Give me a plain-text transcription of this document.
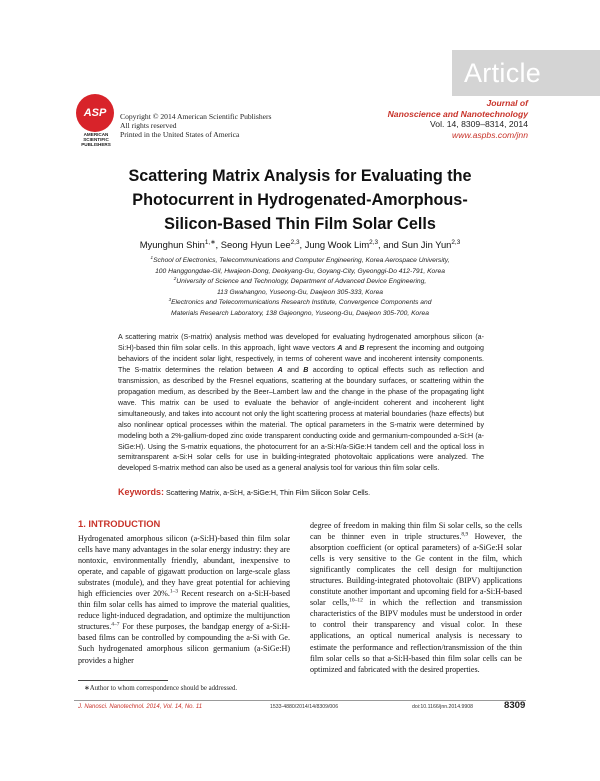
Article
ASP
AMERICAN
SCIENTIFIC
PUBLISHERS
Copyright © 2014 American Scientific Publishers
All rights reserved
Printed in the United States of America
Journal of
Nanoscience and Nanotechnology
Vol. 14, 8309–8314, 2014
www.aspbs.com/jnn
Scattering Matrix Analysis for Evaluating the
Photocurrent in Hydrogenated-Amorphous-
Silicon-Based Thin Film Solar Cells
Myunghun Shin$^{1,∗}$, Seong Hyun Lee$^{2,3}$, Jung Wook Lim$^{2,3}$, and Sun Jin Yun$^{2,3}$
$^1$School of Electronics, Telecommunications and Computer Engineering, Korea Aerospace University,
100 Hanggongdae-Gil, Hwajeon-Dong, Deokyang-Gu, Goyang-City, Gyeonggi-Do 412-791, Korea
$^2$University of Science and Technology, Department of Advanced Device Engineering,
113 Gwahangno, Yuseong-Gu, Daejeon 305-333, Korea
$^3$Electronics and Telecommunications Research Institute, Convergence Components and
Materials Research Laboratory, 138 Gajeongno, Yuseong-Gu, Daejeon 305-700, Korea
A scattering matrix (S-matrix) analysis method was developed for evaluating hydrogenated amorphous silicon (a-Si:H)-based thin film solar cells. In this approach, light wave vectors A and B represent the incoming and outgoing behaviors of the incident solar light, respectively, in terms of coherent wave and incoherent intensity components. The S-matrix determines the relation between A and B according to optical effects such as reflection and transmission, as described by the Fresnel equations, scattering at the boundary surfaces, or scattering within the propagation medium, as described by the Beer–Lambert law and the change in the phase of the propagating light wave. This matrix can be used to evaluate the behavior of angle-incident coherent and incoherent light simultaneously, and takes into account not only the light scattering process at material boundaries (haze effects) but also nonlinear optical processes within the material. The optical parameters in the S-matrix were determined by modeling both a 2%-gallium-doped zinc oxide transparent conducting oxide and germanium-compounded a-Si:H (a-SiGe:H). Using the S-matrix equations, the photocurrent for an a-Si:H/a-SiGe:H tandem cell and the optical loss in semitransparent a-Si:H solar cells for use in building-integrated photovoltaic applications were analyzed. The developed S-matrix method can also be used as a general analysis tool for various thin film solar cells.
Keywords: Scattering Matrix, a-Si:H, a-SiGe:H, Thin Film Silicon Solar Cells.
1. INTRODUCTION
Hydrogenated amorphous silicon (a-Si:H)-based thin film solar cells have many advantages in the solar energy industry: they are nontoxic, environmentally friendly, abundant, inexpensive to operate, and capable of gigawatt production on large-scale glass substrates (module), and they have great potential for achieving high efficiencies over 20%.$^{1-3}$ Recent research on a-Si:H-based thin film solar cells has aimed to improve the material qualities, reduce light-induced degradation, and optimize the multijunction structures.$^{4-7}$ For these purposes, the bandgap energy of a-Si:H-based films can be controlled by compounding the a-Si with Ge. Such hydrogenated amorphous silicon germanium (a-SiGe:H) provides a higher
degree of freedom in making thin film Si solar cells, so the cells can be thinner even in triple structures.$^{8,9}$ However, the absorption coefficient (or optical parameters) of a-SiGe:H solar cells is very sensitive to the Ge content in the film, which significantly complicates the cell design for multijunction structures. Building-integrated photovoltaic (BIPV) applications constitute another important and upcoming field for a-Si:H-based solar cells,$^{10-12}$ in which the reflection and transmission characteristics of the BIPV modules must be understood in order to control their transparency and visual color. In these applications, an optical numerical analysis is necessary to estimate the performance and reflection/transmission of the thin film solar cells so that a-Si:H-based thin film solar cells can be optimized and fabricated with the desired properties.
∗Author to whom correspondence should be addressed.
J. Nanosci. Nanotechnol. 2014, Vol. 14, No. 11	1533-4880/2014/14/8309/006	doi:10.1166/jnn.2014.9908	8309
